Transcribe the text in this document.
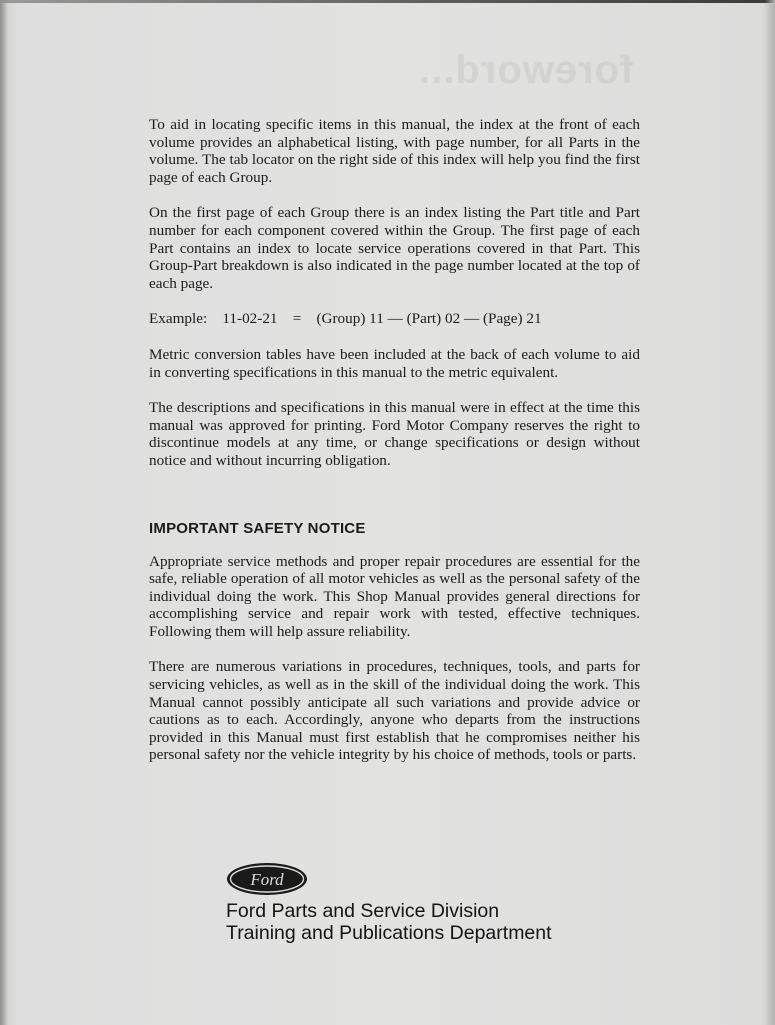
foreword...

To aid in locating specific items in this manual, the index at the front of each volume provides an alphabetical listing, with page number, for all Parts in the volume. The tab locator on the right side of this index will help you find the first page of each Group.

On the first page of each Group there is an index listing the Part title and Part number for each component covered within the Group. The first page of each Part contains an index to locate service operations covered in that Part. This Group-Part breakdown is also indicated in the page number located at the top of each page.

Example: 11-02-21 = (Group) 11 — (Part) 02 — (Page) 21

Metric conversion tables have been included at the back of each volume to aid in converting specifications in this manual to the metric equivalent.

The descriptions and specifications in this manual were in effect at the time this manual was approved for printing. Ford Motor Company reserves the right to discontinue models at any time, or change specifications or design without notice and without incurring obligation.

IMPORTANT SAFETY NOTICE

Appropriate service methods and proper repair procedures are essential for the safe, reliable operation of all motor vehicles as well as the personal safety of the individual doing the work. This Shop Manual provides general directions for accomplishing service and repair work with tested, effective techniques. Following them will help assure reliability.

There are numerous variations in procedures, techniques, tools, and parts for servicing vehicles, as well as in the skill of the individual doing the work. This Manual cannot possibly anticipate all such variations and provide advice or cautions as to each. Accordingly, anyone who departs from the instructions provided in this Manual must first establish that he compromises neither his personal safety nor the vehicle integrity by his choice of methods, tools or parts.

Ford
Ford Parts and Service Division
Training and Publications Department
